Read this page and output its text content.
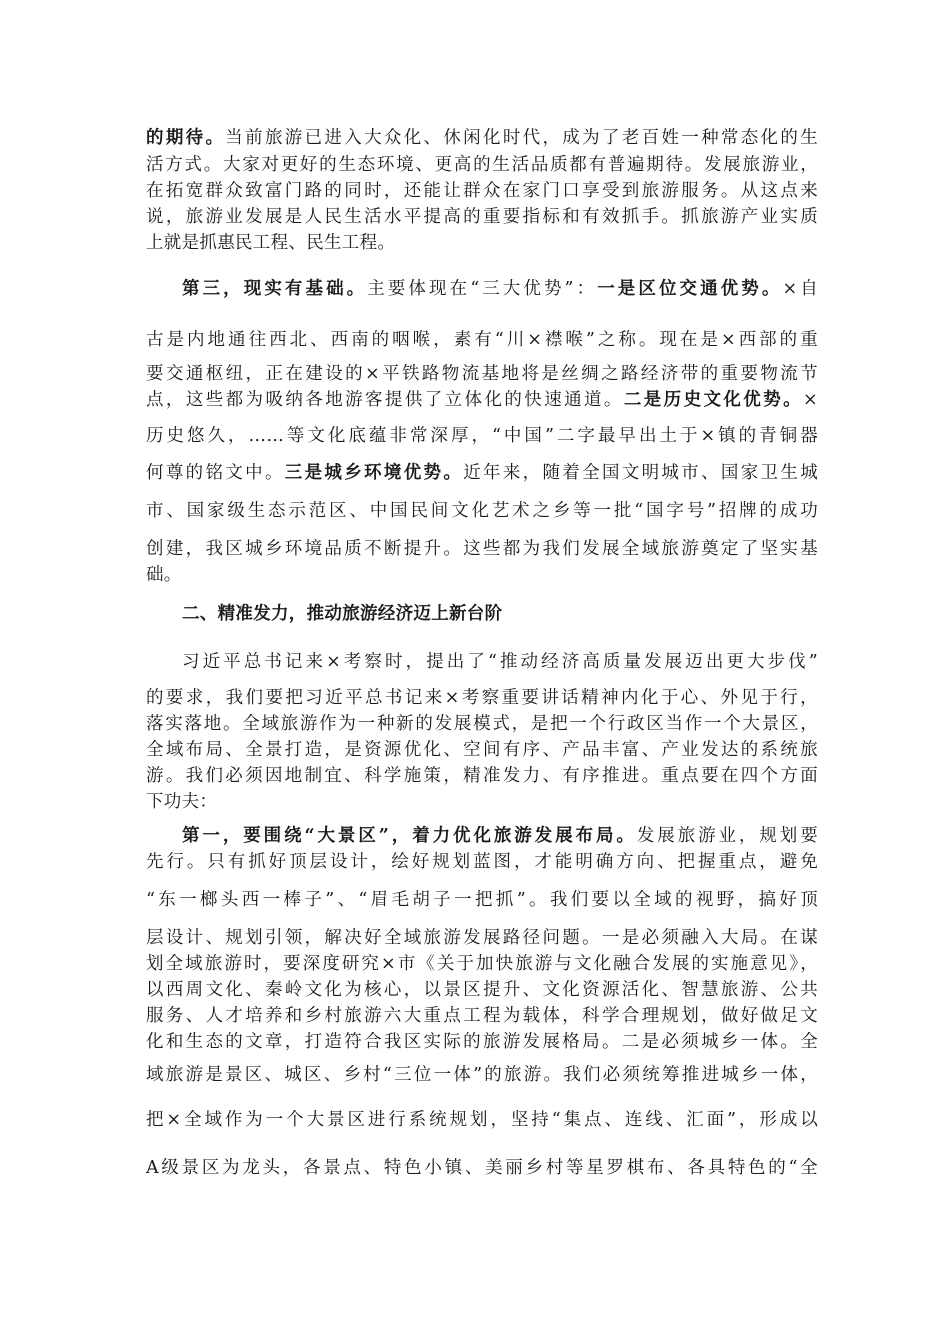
的期待。当前旅游已进入大众化、休闲化时代，成为了老百姓一种常态化的生
活方式。大家对更好的生态环境、更高的生活品质都有普遍期待。发展旅游业，
在拓宽群众致富门路的同时，还能让群众在家门口享受到旅游服务。从这点来
说，旅游业发展是人民生活水平提高的重要指标和有效抓手。抓旅游产业实质
上就是抓惠民工程、民生工程。
第三，现实有基础。主要体现在“三大优势”：一是区位交通优势。×自
古是内地通往西北、西南的咽喉，素有“川×襟喉”之称。现在是×西部的重
要交通枢纽，正在建设的×平铁路物流基地将是丝绸之路经济带的重要物流节
点，这些都为吸纳各地游客提供了立体化的快速通道。二是历史文化优势。×
历史悠久，……等文化底蕴非常深厚，“中国”二字最早出土于×镇的青铜器
何尊的铭文中。三是城乡环境优势。近年来，随着全国文明城市、国家卫生城
市、国家级生态示范区、中国民间文化艺术之乡等一批“国字号”招牌的成功
创建，我区城乡环境品质不断提升。这些都为我们发展全域旅游奠定了坚实基
础。
二、精准发力，推动旅游经济迈上新台阶
习近平总书记来×考察时，提出了“推动经济高质量发展迈出更大步伐”
的要求，我们要把习近平总书记来×考察重要讲话精神内化于心、外见于行，
落实落地。全域旅游作为一种新的发展模式，是把一个行政区当作一个大景区，
全域布局、全景打造，是资源优化、空间有序、产品丰富、产业发达的系统旅
游。我们必须因地制宜、科学施策，精准发力、有序推进。重点要在四个方面
下功夫：
第一，要围绕“大景区”，着力优化旅游发展布局。发展旅游业，规划要
先行。只有抓好顶层设计，绘好规划蓝图，才能明确方向、把握重点，避免
“东一榔头西一棒子”、“眉毛胡子一把抓”。我们要以全域的视野，搞好顶
层设计、规划引领，解决好全域旅游发展路径问题。一是必须融入大局。在谋
划全域旅游时，要深度研究×市《关于加快旅游与文化融合发展的实施意见》，
以西周文化、秦岭文化为核心，以景区提升、文化资源活化、智慧旅游、公共
服务、人才培养和乡村旅游六大重点工程为载体，科学合理规划，做好做足文
化和生态的文章，打造符合我区实际的旅游发展格局。二是必须城乡一体。全
域旅游是景区、城区、乡村“三位一体”的旅游。我们必须统筹推进城乡一体，
把×全域作为一个大景区进行系统规划，坚持“集点、连线、汇面”，形成以
A级景区为龙头，各景点、特色小镇、美丽乡村等星罗棋布、各具特色的“全
